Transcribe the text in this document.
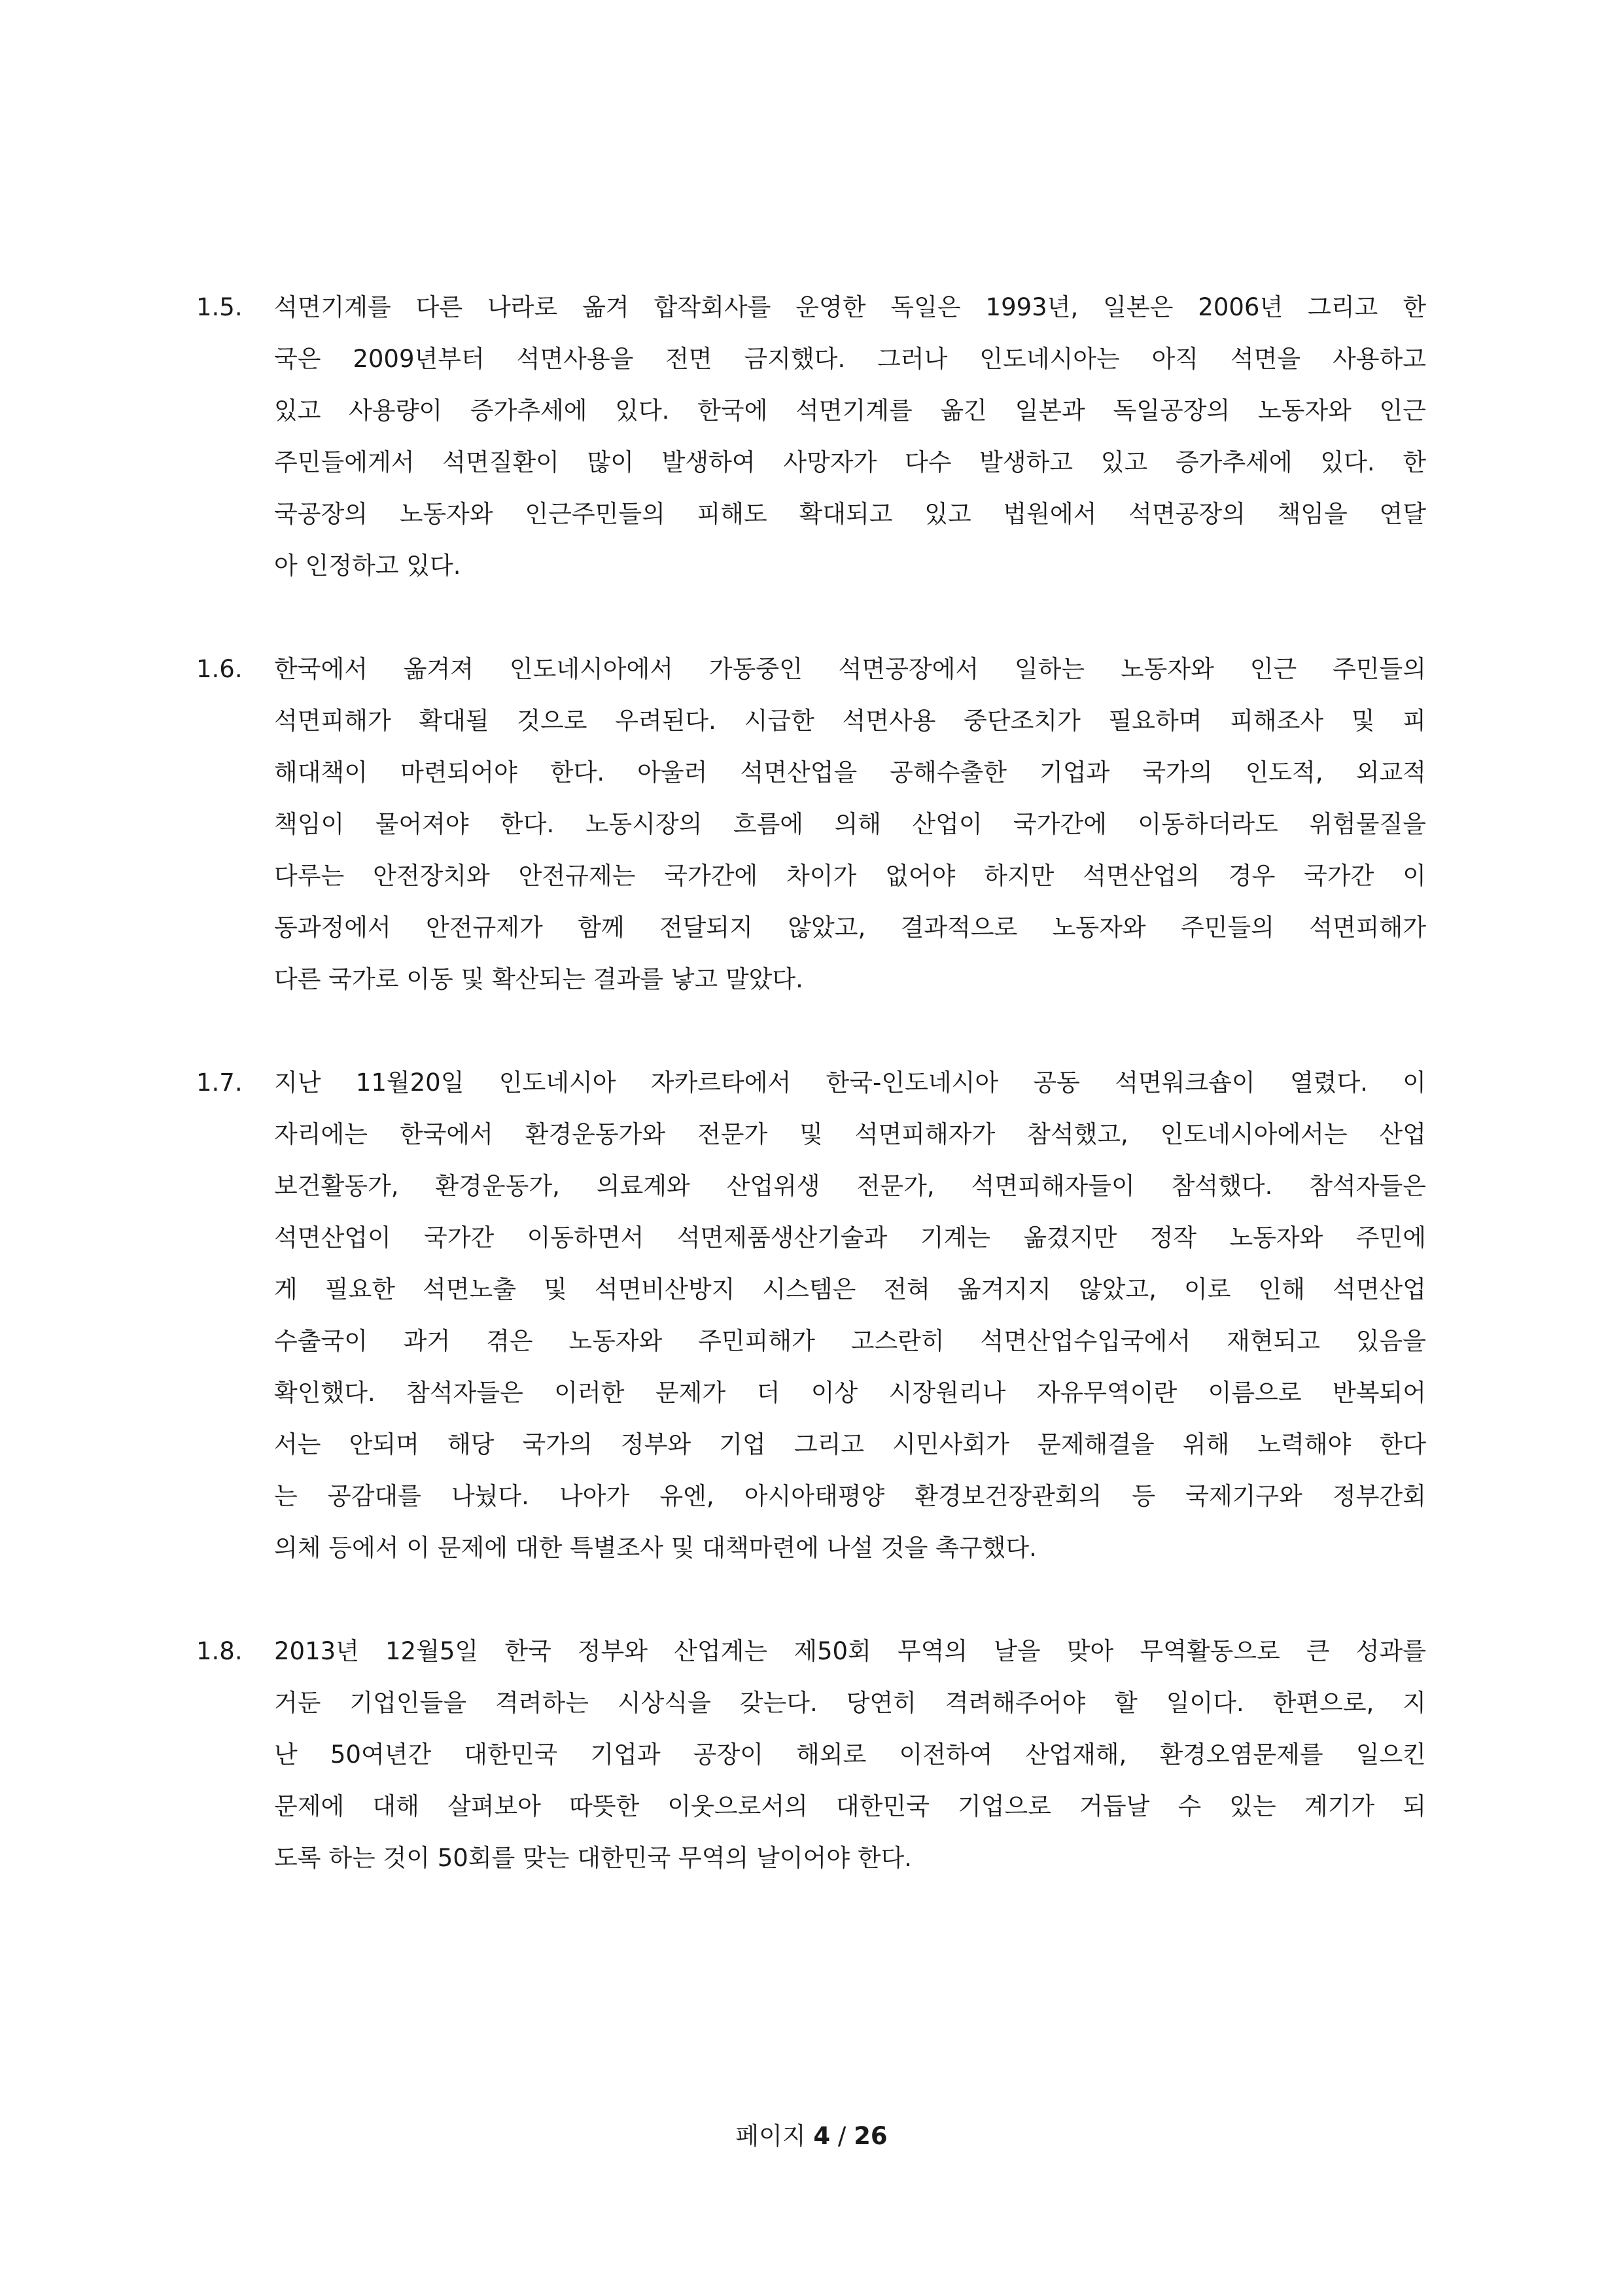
1.5. 석면기계를 다른 나라로 옮겨 합작회사를 운영한 독일은 1993년, 일본은 2006년 그리고 한
국은 2009년부터 석면사용을 전면 금지했다. 그러나 인도네시아는 아직 석면을 사용하고
있고 사용량이 증가추세에 있다. 한국에 석면기계를 옮긴 일본과 독일공장의 노동자와 인근
주민들에게서 석면질환이 많이 발생하여 사망자가 다수 발생하고 있고 증가추세에 있다. 한
국공장의 노동자와 인근주민들의 피해도 확대되고 있고 법원에서 석면공장의 책임을 연달
아 인정하고 있다.
1.6. 한국에서 옮겨져 인도네시아에서 가동중인 석면공장에서 일하는 노동자와 인근 주민들의
석면피해가 확대될 것으로 우려된다. 시급한 석면사용 중단조치가 필요하며 피해조사 및 피
해대책이 마련되어야 한다. 아울러 석면산업을 공해수출한 기업과 국가의 인도적, 외교적
책임이 물어져야 한다. 노동시장의 흐름에 의해 산업이 국가간에 이동하더라도 위험물질을
다루는 안전장치와 안전규제는 국가간에 차이가 없어야 하지만 석면산업의 경우 국가간 이
동과정에서 안전규제가 함께 전달되지 않았고, 결과적으로 노동자와 주민들의 석면피해가
다른 국가로 이동 및 확산되는 결과를 낳고 말았다.
1.7. 지난 11월20일 인도네시아 자카르타에서 한국-인도네시아 공동 석면워크숍이 열렸다. 이
자리에는 한국에서 환경운동가와 전문가 및 석면피해자가 참석했고, 인도네시아에서는 산업
보건활동가, 환경운동가, 의료계와 산업위생 전문가, 석면피해자들이 참석했다. 참석자들은
석면산업이 국가간 이동하면서 석면제품생산기술과 기계는 옮겼지만 정작 노동자와 주민에
게 필요한 석면노출 및 석면비산방지 시스템은 전혀 옮겨지지 않았고, 이로 인해 석면산업
수출국이 과거 겪은 노동자와 주민피해가 고스란히 석면산업수입국에서 재현되고 있음을
확인했다. 참석자들은 이러한 문제가 더 이상 시장원리나 자유무역이란 이름으로 반복되어
서는 안되며 해당 국가의 정부와 기업 그리고 시민사회가 문제해결을 위해 노력해야 한다
는 공감대를 나눴다. 나아가 유엔, 아시아태평양 환경보건장관회의 등 국제기구와 정부간회
의체 등에서 이 문제에 대한 특별조사 및 대책마련에 나설 것을 촉구했다.
1.8. 2013년 12월5일 한국 정부와 산업계는 제50회 무역의 날을 맞아 무역활동으로 큰 성과를
거둔 기업인들을 격려하는 시상식을 갖는다. 당연히 격려해주어야 할 일이다. 한편으로, 지
난 50여년간 대한민국 기업과 공장이 해외로 이전하여 산업재해, 환경오염문제를 일으킨
문제에 대해 살펴보아 따뜻한 이웃으로서의 대한민국 기업으로 거듭날 수 있는 계기가 되
도록 하는 것이 50회를 맞는 대한민국 무역의 날이어야 한다.
페이지 4 / 26
